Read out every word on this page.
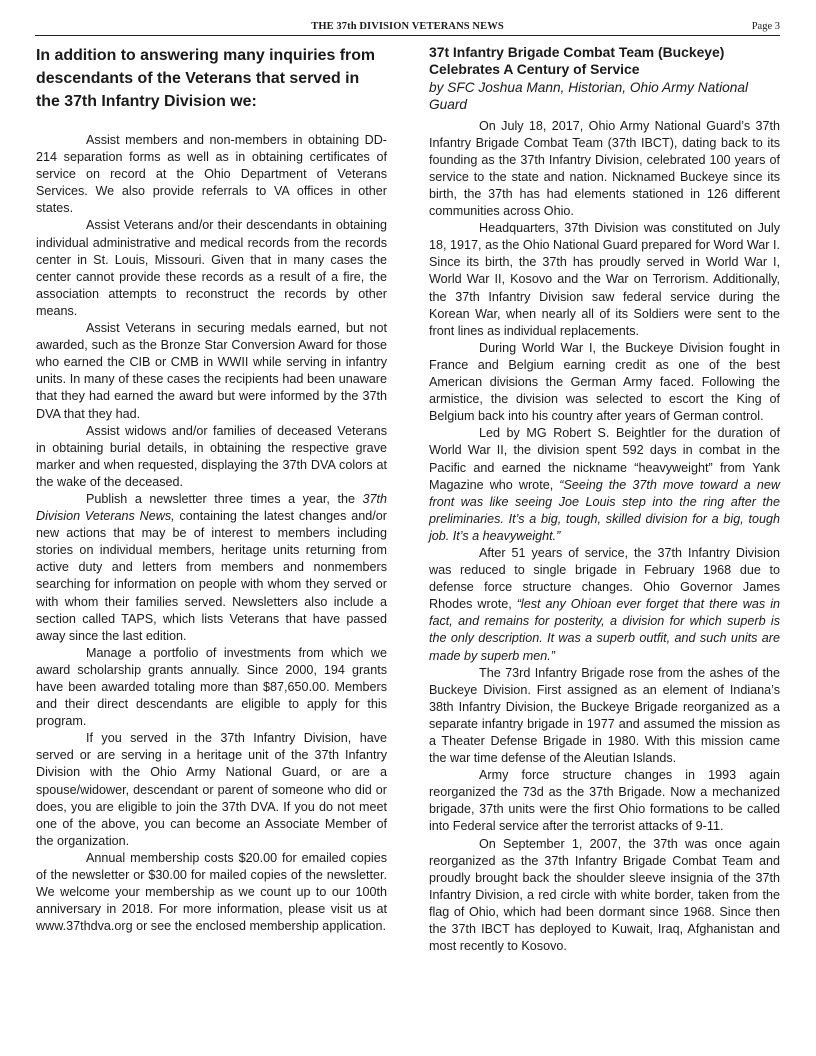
THE 37th DIVISION VETERANS NEWS	Page 3
In addition to answering many inquiries from descendants of the Veterans that served in the 37th Infantry Division we:

Assist members and non-members in obtaining DD-214 separation forms as well as in obtaining certificates of service on record at the Ohio Department of Veterans Services. We also provide referrals to VA offices in other states.

Assist Veterans and/or their descendants in obtaining individual administrative and medical records from the records center in St. Louis, Missouri. Given that in many cases the center cannot provide these records as a result of a fire, the association attempts to reconstruct the records by other means.

Assist Veterans in securing medals earned, but not awarded, such as the Bronze Star Conversion Award for those who earned the CIB or CMB in WWII while serving in infantry units. In many of these cases the recipients had been unaware that they had earned the award but were informed by the 37th DVA that they had.

Assist widows and/or families of deceased Veterans in obtaining burial details, in obtaining the respective grave marker and when requested, displaying the 37th DVA colors at the wake of the deceased.

Publish a newsletter three times a year, the 37th Division Veterans News, containing the latest changes and/or new actions that may be of interest to members including stories on individual members, heritage units returning from active duty and letters from members and nonmembers searching for information on people with whom they served or with whom their families served. Newsletters also include a section called TAPS, which lists Veterans that have passed away since the last edition.

Manage a portfolio of investments from which we award scholarship grants annually. Since 2000, 194 grants have been awarded totaling more than $87,650.00. Members and their direct descendants are eligible to apply for this program.

If you served in the 37th Infantry Division, have served or are serving in a heritage unit of the 37th Infantry Division with the Ohio Army National Guard, or are a spouse/widower, descendant or parent of someone who did or does, you are eligible to join the 37th DVA. If you do not meet one of the above, you can become an Associate Member of the organization.

Annual membership costs $20.00 for emailed copies of the newsletter or $30.00 for mailed copies of the newsletter. We welcome your membership as we count up to our 100th anniversary in 2018. For more information, please visit us at www.37thdva.org or see the enclosed membership application.

37t Infantry Brigade Combat Team (Buckeye) Celebrates A Century of Service
by SFC Joshua Mann, Historian, Ohio Army National Guard

On July 18, 2017, Ohio Army National Guard’s 37th Infantry Brigade Combat Team (37th IBCT), dating back to its founding as the 37th Infantry Division, celebrated 100 years of service to the state and nation. Nicknamed Buckeye since its birth, the 37th has had elements stationed in 126 different communities across Ohio.

Headquarters, 37th Division was constituted on July 18, 1917, as the Ohio National Guard prepared for Word War I. Since its birth, the 37th has proudly served in World War I, World War II, Kosovo and the War on Terrorism. Additionally, the 37th Infantry Division saw federal service during the Korean War, when nearly all of its Soldiers were sent to the front lines as individual replacements.

During World War I, the Buckeye Division fought in France and Belgium earning credit as one of the best American divisions the German Army faced. Following the armistice, the division was selected to escort the King of Belgium back into his country after years of German control.

Led by MG Robert S. Beightler for the duration of World War II, the division spent 592 days in combat in the Pacific and earned the nickname “heavyweight” from Yank Magazine who wrote, “Seeing the 37th move toward a new front was like seeing Joe Louis step into the ring after the preliminaries. It’s a big, tough, skilled division for a big, tough job. It’s a heavyweight.”

After 51 years of service, the 37th Infantry Division was reduced to single brigade in February 1968 due to defense force structure changes. Ohio Governor James Rhodes wrote, “lest any Ohioan ever forget that there was in fact, and remains for posterity, a division for which superb is the only description. It was a superb outfit, and such units are made by superb men.”

The 73rd Infantry Brigade rose from the ashes of the Buckeye Division. First assigned as an element of Indiana’s 38th Infantry Division, the Buckeye Brigade reorganized as a separate infantry brigade in 1977 and assumed the mission as a Theater Defense Brigade in 1980. With this mission came the war time defense of the Aleutian Islands.

Army force structure changes in 1993 again reorganized the 73d as the 37th Brigade. Now a mechanized brigade, 37th units were the first Ohio formations to be called into Federal service after the terrorist attacks of 9-11.

On September 1, 2007, the 37th was once again reorganized as the 37th Infantry Brigade Combat Team and proudly brought back the shoulder sleeve insignia of the 37th Infantry Division, a red circle with white border, taken from the flag of Ohio, which had been dormant since 1968. Since then the 37th IBCT has deployed to Kuwait, Iraq, Afghanistan and most recently to Kosovo.
